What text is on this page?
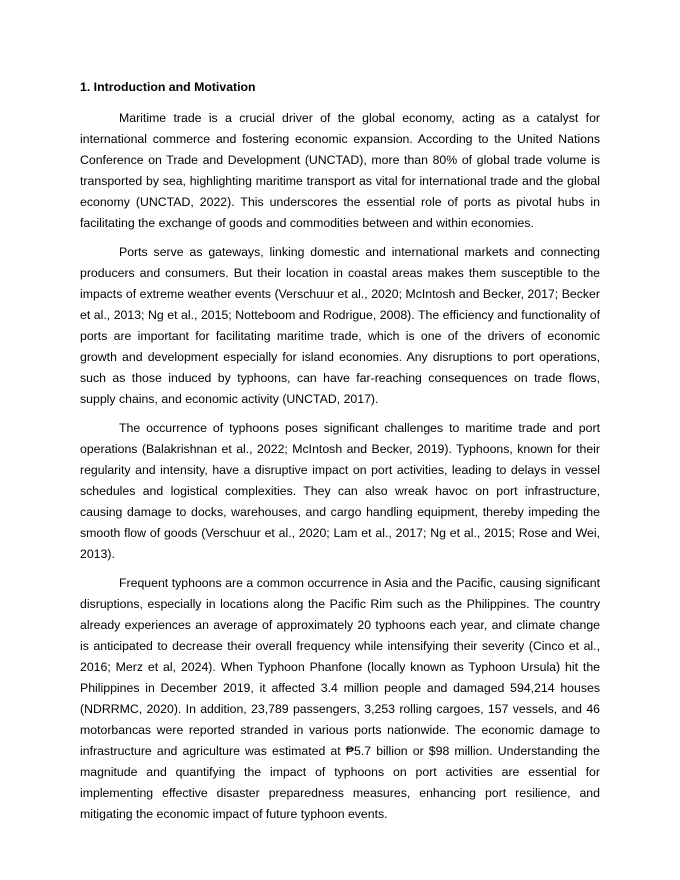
1. Introduction and Motivation

Maritime trade is a crucial driver of the global economy, acting as a catalyst for international commerce and fostering economic expansion. According to the United Nations Conference on Trade and Development (UNCTAD), more than 80% of global trade volume is transported by sea, highlighting maritime transport as vital for international trade and the global economy (UNCTAD, 2022). This underscores the essential role of ports as pivotal hubs in facilitating the exchange of goods and commodities between and within economies.

Ports serve as gateways, linking domestic and international markets and connecting producers and consumers. But their location in coastal areas makes them susceptible to the impacts of extreme weather events (Verschuur et al., 2020; McIntosh and Becker, 2017; Becker et al., 2013; Ng et al., 2015; Notteboom and Rodrigue, 2008). The efficiency and functionality of ports are important for facilitating maritime trade, which is one of the drivers of economic growth and development especially for island economies. Any disruptions to port operations, such as those induced by typhoons, can have far-reaching consequences on trade flows, supply chains, and economic activity (UNCTAD, 2017).

The occurrence of typhoons poses significant challenges to maritime trade and port operations (Balakrishnan et al., 2022; McIntosh and Becker, 2019). Typhoons, known for their regularity and intensity, have a disruptive impact on port activities, leading to delays in vessel schedules and logistical complexities. They can also wreak havoc on port infrastructure, causing damage to docks, warehouses, and cargo handling equipment, thereby impeding the smooth flow of goods (Verschuur et al., 2020; Lam et al., 2017; Ng et al., 2015; Rose and Wei, 2013).

Frequent typhoons are a common occurrence in Asia and the Pacific, causing significant disruptions, especially in locations along the Pacific Rim such as the Philippines. The country already experiences an average of approximately 20 typhoons each year, and climate change is anticipated to decrease their overall frequency while intensifying their severity (Cinco et al., 2016; Merz et al, 2024). When Typhoon Phanfone (locally known as Typhoon Ursula) hit the Philippines in December 2019, it affected 3.4 million people and damaged 594,214 houses (NDRRMC, 2020). In addition, 23,789 passengers, 3,253 rolling cargoes, 157 vessels, and 46 motorbancas were reported stranded in various ports nationwide. The economic damage to infrastructure and agriculture was estimated at ₱5.7 billion or $98 million. Understanding the magnitude and quantifying the impact of typhoons on port activities are essential for implementing effective disaster preparedness measures, enhancing port resilience, and mitigating the economic impact of future typhoon events.
